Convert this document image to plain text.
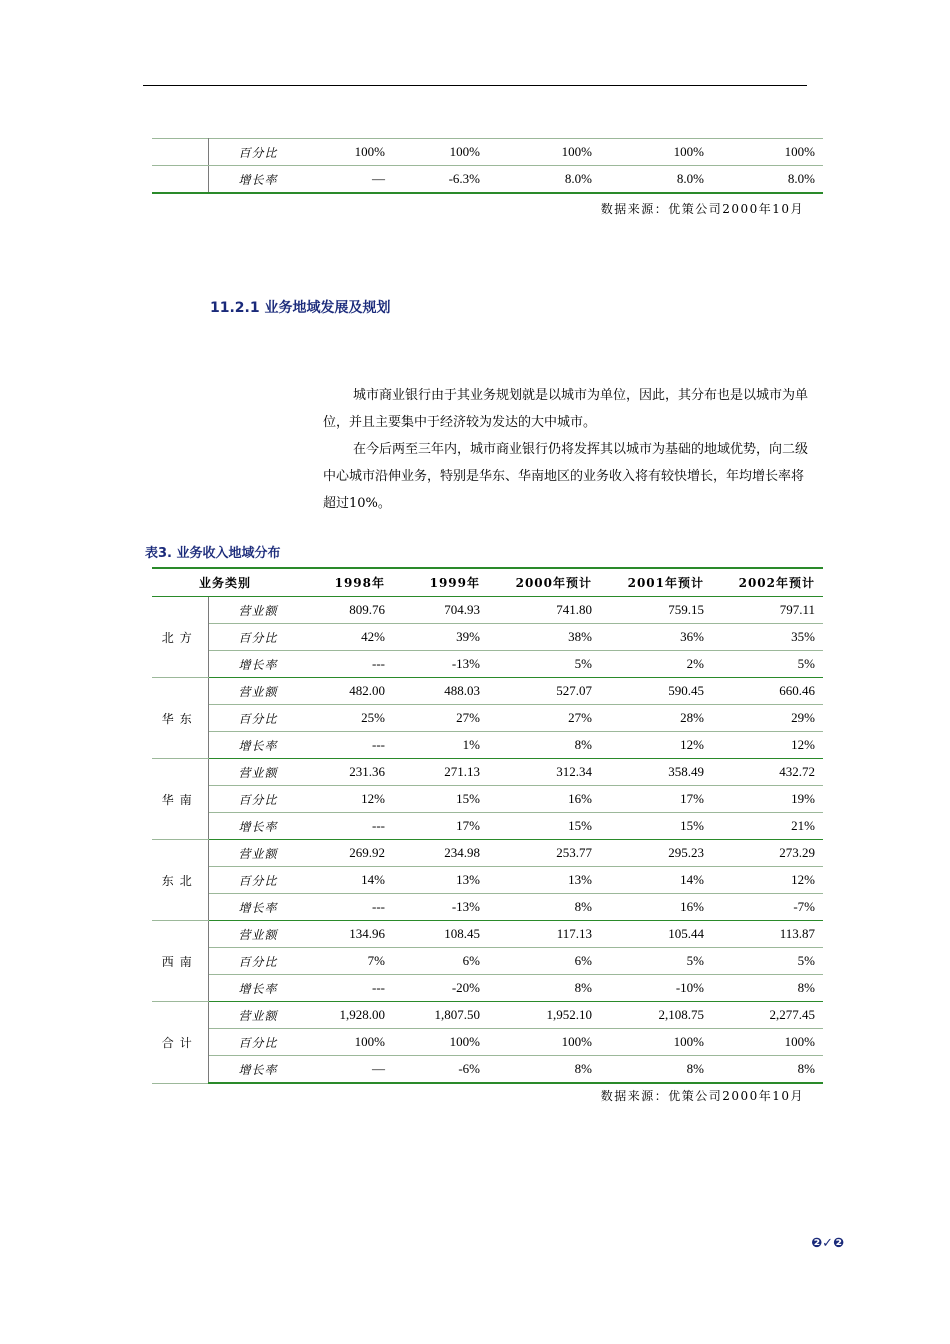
	百分比	100%	100%	100%	100%	100%
	增长率	—	-6.3%	8.0%	8.0%	8.0%
数据来源：优策公司2000年10月
11.2.1 业务地域发展及规划

城市商业银行由于其业务规划就是以城市为单位，因此，其分布也是以城市为单位，并且主要集中于经济较为发达的大中城市。

在今后两至三年内，城市商业银行仍将发挥其以城市为基础的地域优势，向二级中心城市沿伸业务，特别是华东、华南地区的业务收入将有较快增长，年均增长率将超过10%。

表3. 业务收入地域分布
业务类别		1998年	1999年	2000年预计	2001年预计	2002年预计
北方	营业额	809.76	704.93	741.80	759.15	797.11
	百分比	42%	39%	38%	36%	35%
	增长率	---	-13%	5%	2%	5%
华东	营业额	482.00	488.03	527.07	590.45	660.46
	百分比	25%	27%	27%	28%	29%
	增长率	---	1%	8%	12%	12%
华南	营业额	231.36	271.13	312.34	358.49	432.72
	百分比	12%	15%	16%	17%	19%
	增长率	---	17%	15%	15%	21%
东北	营业额	269.92	234.98	253.77	295.23	273.29
	百分比	14%	13%	13%	14%	12%
	增长率	---	-13%	8%	16%	-7%
西南	营业额	134.96	108.45	117.13	105.44	113.87
	百分比	7%	6%	6%	5%	5%
	增长率	---	-20%	8%	-10%	8%
合计	营业额	1,928.00	1,807.50	1,952.10	2,108.75	2,277.45
	百分比	100%	100%	100%	100%	100%
	增长率	—	-6%	8%	8%	8%
数据来源：优策公司2000年10月
❷✓❷
